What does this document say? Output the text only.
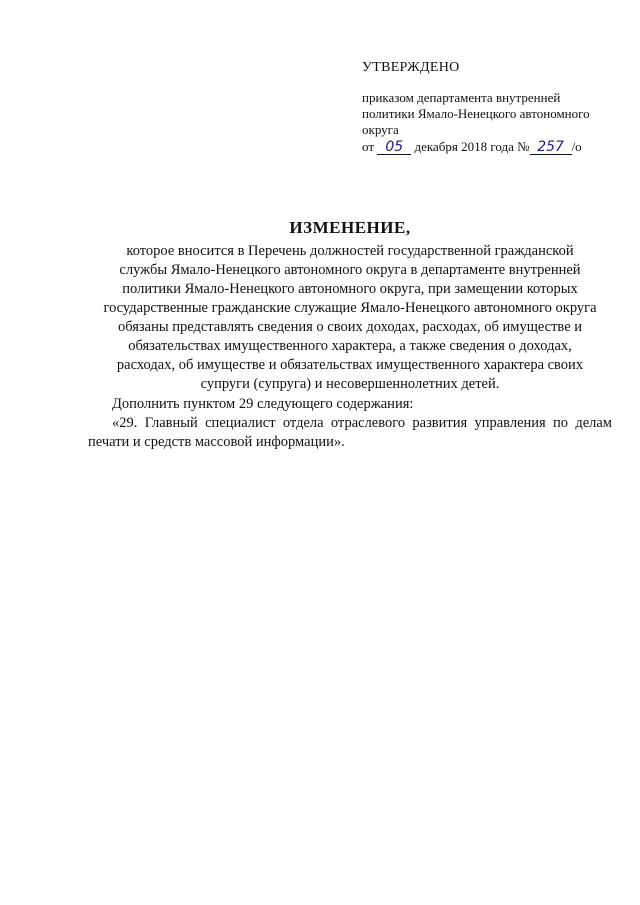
УТВЕРЖДЕНО

приказом департамента внутренней

политики Ямало-Ненецкого автономного

округа

от 05 декабря 2018 года № 257 /о

ИЗМЕНЕНИЕ,

которое вносится в Перечень должностей государственной гражданской

службы Ямало-Ненецкого автономного округа в департаменте внутренней

политики Ямало-Ненецкого автономного округа, при замещении которых

государственные гражданские служащие Ямало-Ненецкого автономного округа

обязаны представлять сведения о своих доходах, расходах, об имуществе и

обязательствах имущественного характера, а также сведения о доходах,

расходах, об имуществе и обязательствах имущественного характера своих

супруги (супруга) и несовершеннолетних детей.

Дополнить пунктом 29 следующего содержания:

«29. Главный специалист отдела отраслевого развития управления по делам печати и средств массовой информации».
